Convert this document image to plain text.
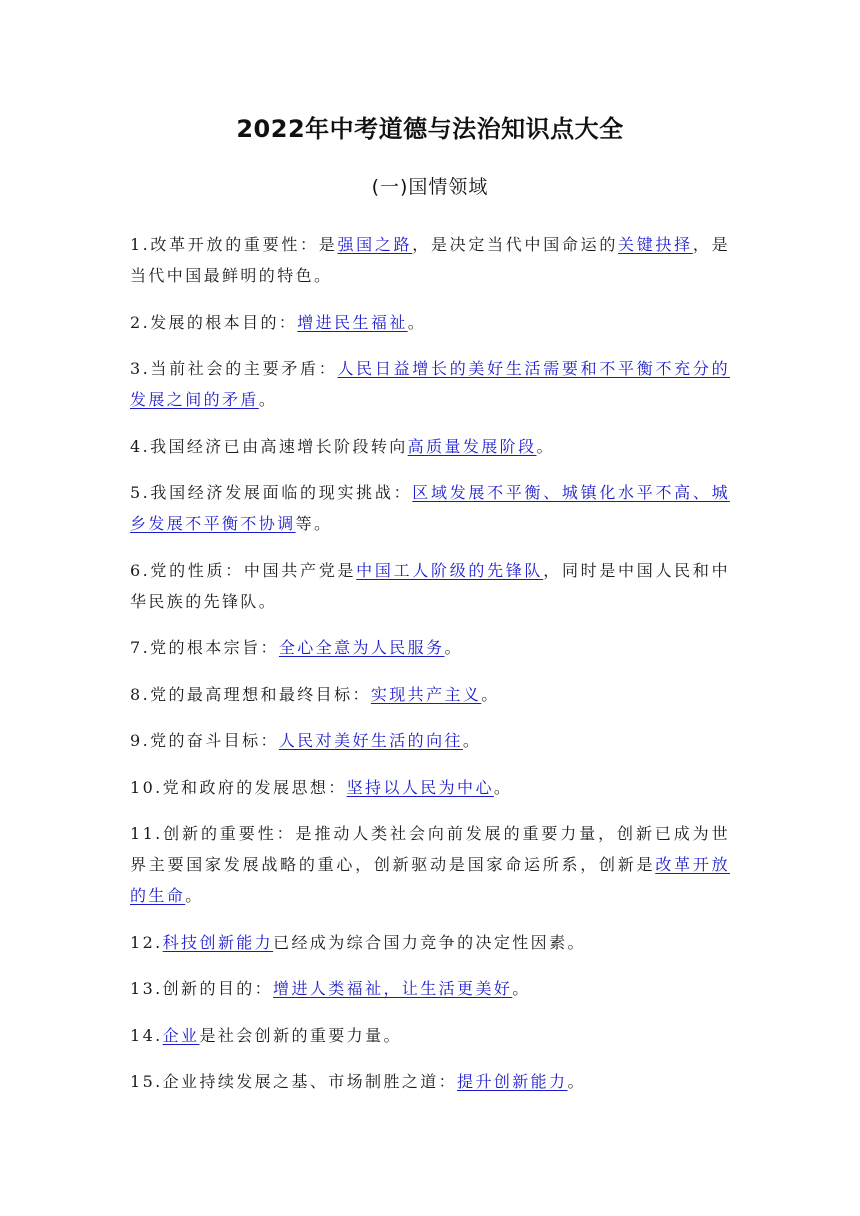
2022年中考道德与法治知识点大全
(一)国情领域

1.改革开放的重要性：是强国之路，是决定当代中国命运的关键抉择，是当代中国最鲜明的特色。

2.发展的根本目的：增进民生福祉。

3.当前社会的主要矛盾：人民日益增长的美好生活需要和不平衡不充分的发展之间的矛盾。

4.我国经济已由高速增长阶段转向高质量发展阶段。

5.我国经济发展面临的现实挑战：区域发展不平衡、城镇化水平不高、城乡发展不平衡不协调等。

6.党的性质：中国共产党是中国工人阶级的先锋队，同时是中国人民和中华民族的先锋队。

7.党的根本宗旨：全心全意为人民服务。

8.党的最高理想和最终目标：实现共产主义。

9.党的奋斗目标：人民对美好生活的向往。

10.党和政府的发展思想：坚持以人民为中心。

11.创新的重要性：是推动人类社会向前发展的重要力量，创新已成为世界主要国家发展战略的重心，创新驱动是国家命运所系，创新是改革开放的生命。

12.科技创新能力已经成为综合国力竞争的决定性因素。

13.创新的目的：增进人类福祉，让生活更美好。

14.企业是社会创新的重要力量。

15.企业持续发展之基、市场制胜之道：提升创新能力。
